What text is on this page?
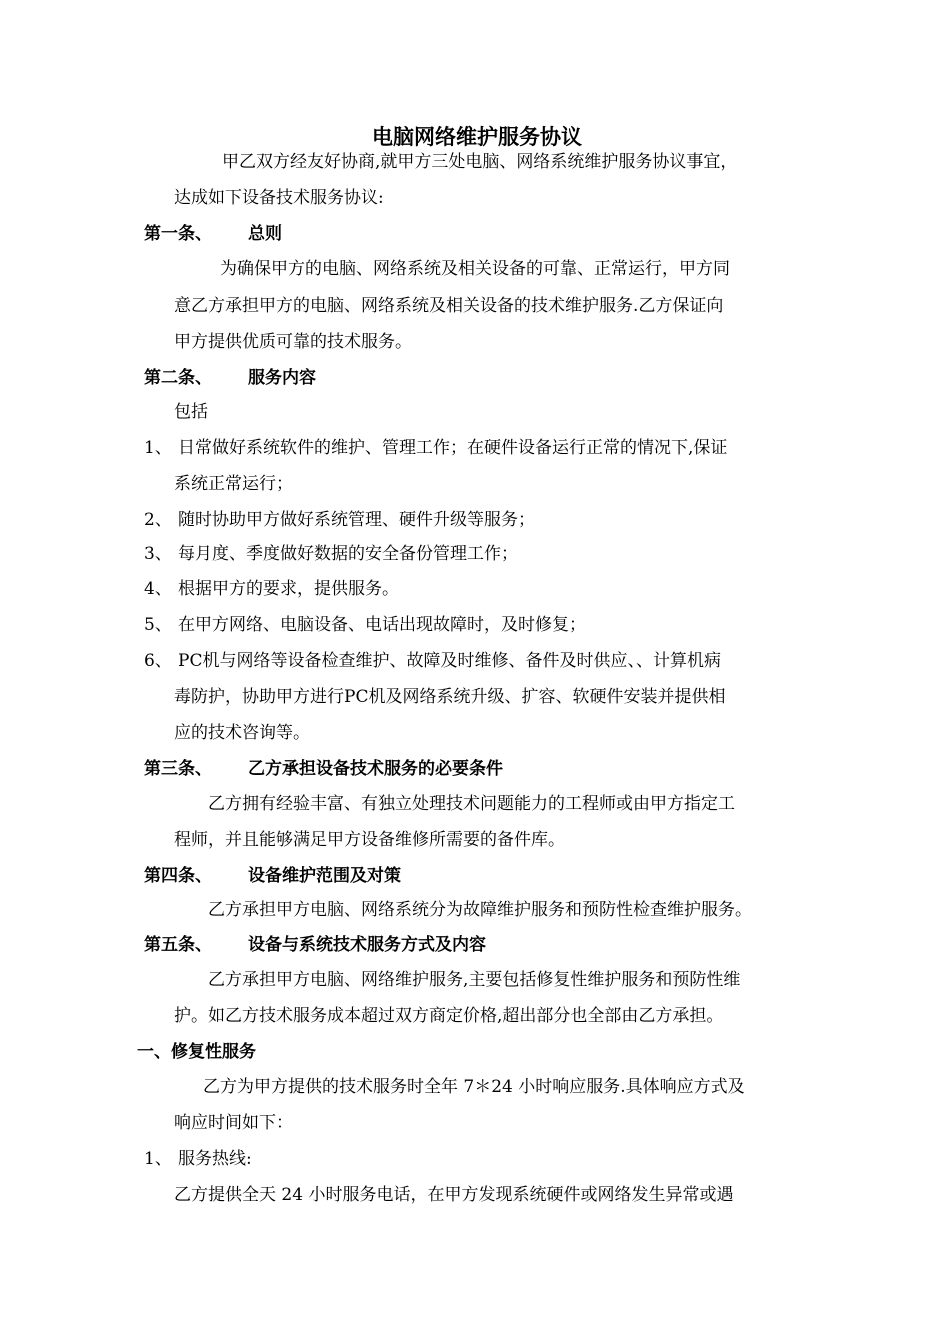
电脑网络维护服务协议
甲乙双方经友好协商,就甲方三处电脑、网络系统维护服务协议事宜，
达成如下设备技术服务协议:
第一条、 总则
为确保甲方的电脑、网络系统及相关设备的可靠、正常运行，甲方同
意乙方承担甲方的电脑、网络系统及相关设备的技术维护服务.乙方保证向
甲方提供优质可靠的技术服务。
第二条、 服务内容
包括
1、 日常做好系统软件的维护、管理工作；在硬件设备运行正常的情况下,保证
系统正常运行；
2、 随时协助甲方做好系统管理、硬件升级等服务；
3、 每月度、季度做好数据的安全备份管理工作；
4、 根据甲方的要求，提供服务。
5、 在甲方网络、电脑设备、电话出现故障时，及时修复；
6、 PC机与网络等设备检查维护、故障及时维修、备件及时供应、、计算机病
毒防护，协助甲方进行PC机及网络系统升级、扩容、软硬件安装并提供相
应的技术咨询等。
第三条、 乙方承担设备技术服务的必要条件
乙方拥有经验丰富、有独立处理技术问题能力的工程师或由甲方指定工
程师，并且能够满足甲方设备维修所需要的备件库。
第四条、 设备维护范围及对策
乙方承担甲方电脑、网络系统分为故障维护服务和预防性检查维护服务。
第五条、 设备与系统技术服务方式及内容
乙方承担甲方电脑、网络维护服务,主要包括修复性维护服务和预防性维
护。如乙方技术服务成本超过双方商定价格,超出部分也全部由乙方承担。
一、修复性服务
乙方为甲方提供的技术服务时全年 7＊24 小时响应服务.具体响应方式及
响应时间如下：
1、 服务热线:
乙方提供全天 24 小时服务电话，在甲方发现系统硬件或网络发生异常或遇
